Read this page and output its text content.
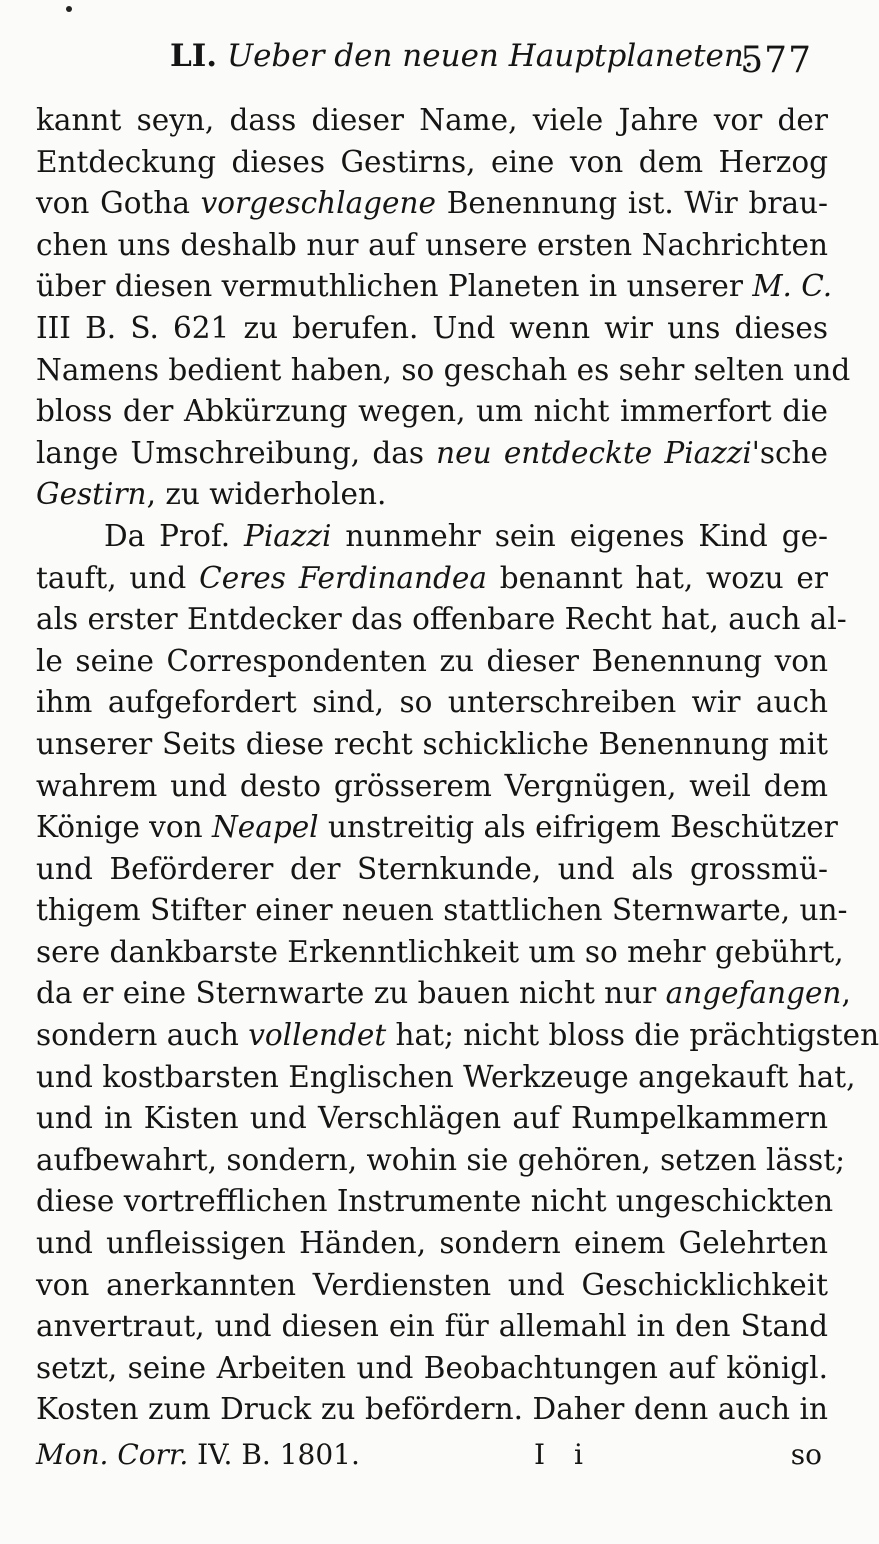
LI. Ueber den neuen Hauptplaneten.
577
kannt seyn, dass dieser Name, viele Jahre vor der
Entdeckung dieses Gestirns, eine von dem Herzog
von Gotha vorgeschlagene Benennung ist. Wir brau-
chen uns deshalb nur auf unsere ersten Nachrichten
über diesen vermuthlichen Planeten in unserer M. C.
III B. S. 621 zu berufen. Und wenn wir uns dieses
Namens bedient haben, so geschah es sehr selten und
bloss der Abkürzung wegen, um nicht immerfort die
lange Umschreibung, das neu entdeckte Piazzi'sche
Gestirn, zu widerholen.
Da Prof. Piazzi nunmehr sein eigenes Kind ge-
tauft, und Ceres Ferdinandea benannt hat, wozu er
als erster Entdecker das offenbare Recht hat, auch al-
le seine Correspondenten zu dieser Benennung von
ihm aufgefordert sind, so unterschreiben wir auch
unserer Seits diese recht schickliche Benennung mit
wahrem und desto grösserem Vergnügen, weil dem
Könige von Neapel unstreitig als eifrigem Beschützer
und Beförderer der Sternkunde, und als grossmü-
thigem Stifter einer neuen stattlichen Sternwarte, un-
sere dankbarste Erkenntlichkeit um so mehr gebührt,
da er eine Sternwarte zu bauen nicht nur angefangen,
sondern auch vollendet hat; nicht bloss die prächtigsten
und kostbarsten Englischen Werkzeuge angekauft hat,
und in Kisten und Verschlägen auf Rumpelkammern
aufbewahrt, sondern, wohin sie gehören, setzen lässt;
diese vortrefflichen Instrumente nicht ungeschickten
und unfleissigen Händen, sondern einem Gelehrten
von anerkannten Verdiensten und Geschicklichkeit
anvertraut, und diesen ein für allemahl in den Stand
setzt, seine Arbeiten und Beobachtungen auf königl.
Kosten zum Druck zu befördern. Daher denn auch in
Mon. Corr. IV. B. 1801.	I i	so
